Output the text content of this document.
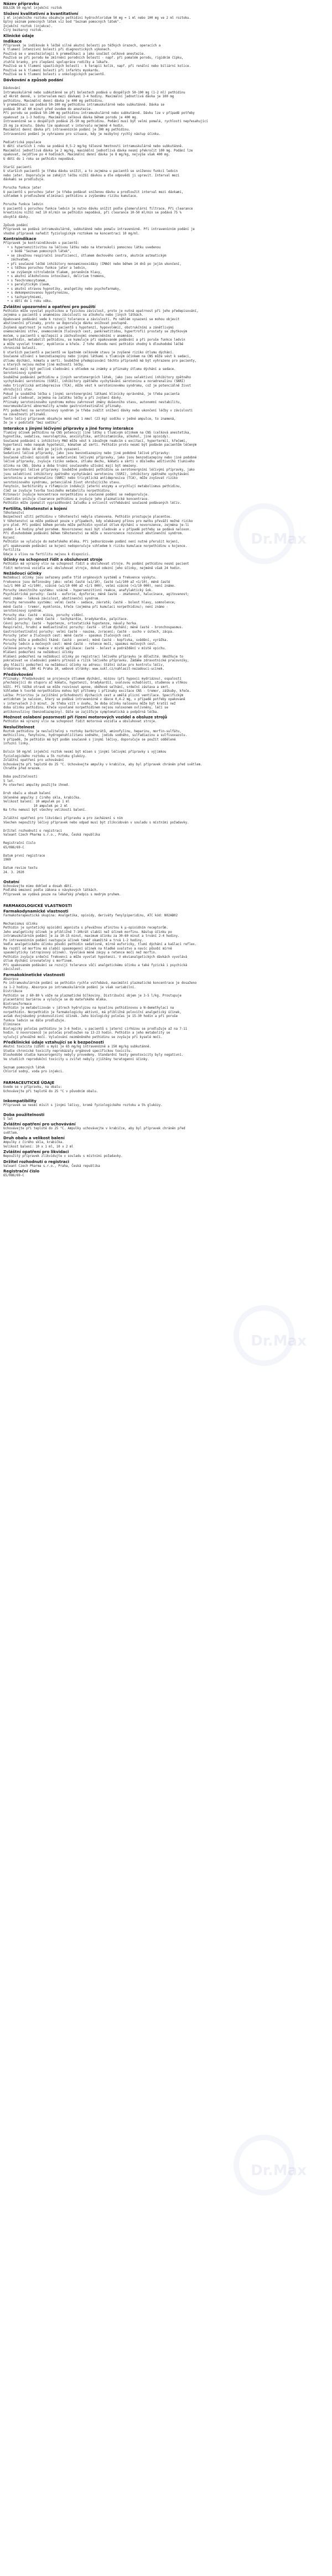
Název přípravku
DOLSIN 50 mg/ml injekční roztok
Složení kvalitativní a kvantitativní
1 ml injekčního roztoku obsahuje pethidini hydrochloridum 50 mg = 1 ml nebo 100 mg ve 2 ml roztoku.
Úplný seznam pomocných látek viz bod "Seznam pomocných látek".
Injekční roztok (injekce).
Čirý bezbarvý roztok.
Klinické údaje
Indikace
Přípravek je indikován k léčbě silné akutní bolesti po těžkých úrazech, operacích a
k tlumení intenzivní bolesti při diagnostických výkonech.
Používá se v anesteziologii k premedikaci a jako součást celkové anestezie.
Používá se při porodu ke zmírnění porodních bolestí - např. při pomalém porodu, rigidním čípku,
ztuhlé branky, pro zlepšení spolupráce rodičky a lékaře.
Používá se k tlumení spastických bolestí - k terapii kolik, např. při renální nebo biliární kolice.
Používá se k tlumení bolesti při infarktu myokardu.
Používá se k tlumení bolesti u onkologických pacientů.
Dávkování a způsob podání
Dávkování
Intramuskulárně nebo subkutánně se při bolestech podává u dospělých 50-100 mg (1-2 ml) pethidinu
až 4krát denně, s intervalem mezi dávkami 3-4 hodiny. Maximální jednotlivá dávka je 100 mg
pethidinu. Maximální denní dávka je 400 mg pethidinu.
V premedikaci se podává 50-100 mg pethidinu intramuskulárně nebo subkutánně. Dávka se
podává 30 až 60 minut před úvodem do anestezie.
Při porodu se podává 50-100 mg pethidinu intramuskulárně nebo subkutánně. Dávku lze v případě potřeby
opakovat za 1-3 hodiny. Maximální celková dávka během porodu je 400 mg.
Intravenózně se u dospělých podává 25-50 mg pethidinu. Podání musí být velmi pomalé, rychlostí nepřesahující
25 mg za minutu. Dávku lze opakovat v intervalu nejméně 4 hodin.
Maximální denní dávka při intravenózním podání je 300 mg pethidinu.
Intravenózní podání je vyhrazeno pro situace, kdy je nezbytný rychlý nástup účinku.
Pediatrická populace
U dětí starších 1 roku se podává 0,5-2 mg/kg tělesné hmotnosti intramuskulárně nebo subkutánně.
Maximální jednotlivá dávka je 2 mg/kg, maximální jednotlivá dávka nesmí překročit 100 mg. Podání lze
opakovat, nejdříve po 4 hodinách. Maximální denní dávka je 8 mg/kg, nejvýše však 400 mg.
U dětí do 1 roku se pethidin nepodává.
Starší pacienti
U starších pacientů je třeba dávku snížit, a to zejména u pacientů se sníženou funkcí ledvin
nebo jater. Doporučuje se zahájit léčbu nižší dávkou a dle odpovědi ji upravit. Interval mezi
dávkami se prodlužuje.
Porucha funkce jater
U pacientů s poruchou jater je třeba podávat sníženou dávku a prodloužit interval mezi dávkami,
vzhledem k prodloužené eliminaci pethidinu a zvýšenému riziku kumulace.
Porucha funkce ledvin
U pacientů s poruchou funkce ledvin je nutno dávku snížit podle glomerulární filtrace. Při clearance
kreatininu nižší než 10 ml/min se pethidin nepodává, při clearance 10-50 ml/min se podává 75 %
obvyklé dávky.
Způsob podání
Přípravek se podává intramuskulárně, subkutánně nebo pomalu intravenózně. Při intravenózním podání je
vhodné přípravek naředit fyziologickým roztokem na koncentraci 10 mg/ml.
Kontraindikace
Přípravek je kontraindikován u pacientů:
• s hypersenzitivitou na léčivou látku nebo na kteroukoli pomocnou látku uvedenou
v bodě "Seznam pomocných látek",
• se závažnou respirační insuficiencí, útlumem dechového centra, akutním astmatickým
záchvatem,
• při současné léčbě inhibitory monoaminooxidázy (IMAO) nebo během 14 dnů po jejím ukončení,
• s těžkou poruchou funkce jater a ledvin,
• se zvýšeným nitrolebním tlakem, poraněním hlavy,
• s akutní alkoholovou intoxikací, delirium tremens,
• s feochromocytomem,
• s paralytickým ileem,
• s akutní otravou hypnotiky, analgetiky nebo psychofarmaky,
• s dekompenzovanou hypotyreózou,
• s tachyarytmiemi,
• u dětí do 1 roku věku.
Zvláštní upozornění a opatření pro použití
Pethidin může vyvolat psychickou a fyzickou závislost, proto je nutná opatrnost při jeho předepisování,
zejména u pacientů s anamnézou závislosti na alkoholu nebo jiných látkách.
Opakované podávání vede k rozvoji tolerance a závislosti. Po náhlém vysazení se mohou objevit
abstinenční příznaky, proto se doporučuje dávku snižovat postupně.
Zvýšená opatrnost je nutná u pacientů s hypotenzí, hypovolémií, obstrukčními a zánětlivými
onemocněními střev, onemocněním žlučových cest, pankreatitidou, hypertrofií prostaty se zbytkovým
močem, u pacientů s epilepsií a záchvatovými onemocněními v anamnéze.
Norpethidin, metabolit pethidinu, se kumuluje při opakovaném podávání a při poruše funkce ledvin
a může vyvolat tremor, myoklonie a křeče. Z toho důvodu není pethidin vhodný k dlouhodobé léčbě
chronické bolesti.
U starších pacientů a pacientů ve špatném celkovém stavu je zvýšené riziko útlumu dýchání.
Současné užívání s benzodiazepiny nebo jinými látkami s tlumivým účinkem na CNS může vést k sedaci,
útlumu dýchání, kómatu a smrti. Souběžné předepisování těchto přípravků má být vyhrazeno pro pacienty,
u kterých nejsou možné jiné možnosti léčby.
Pacienti mají být pečlivě sledováni s ohledem na známky a příznaky útlumu dýchání a sedace.
Serotoninový syndrom
Souběžné podávání pethidinu a jiných serotonergních látek, jako jsou selektivní inhibitory zpětného
vychytávání serotoninu (SSRI), inhibitory zpětného vychytávání serotoninu a noradrenalinu (SNRI)
nebo tricyklická antidepresiva (TCA), může vést k serotoninovému syndromu, což je potenciálně život
ohrožující stav.
Pokud je souběžná léčba s jinými serotonergními látkami klinicky oprávněná, je třeba pacienta
pečlivě sledovat, zejména na začátku léčby a při zvýšení dávky.
Příznaky serotoninového syndromu mohou zahrnovat změny duševního stavu, autonomní nestabilitu,
neuromuskulární abnormality a/nebo gastrointestinální příznaky.
Při podezření na serotoninový syndrom je třeba zvážit snížení dávky nebo ukončení léčby v závislosti
na závažnosti příznaků.
Tento léčivý přípravek obsahuje méně než 1 mmol (23 mg) sodíku v jedné ampulce, to znamená,
že je v podstatě "bez sodíku".
Interakce s jinými léčivými přípravky a jiné formy interakce
Tlumivý účinek pethidinu na CNS potencují jiné látky s tlumivým účinkem na CNS (celková anestetika,
hypnotika, sedativa, neuroleptika, anxiolytika, antihistaminika, alkohol, jiné opioidy).
Současné podávání s inhibitory MAO může vést k závažným reakcím s excitací, hypertermií, křečemi,
hypertenzí nebo naopak hypotenzí, kómatem až smrti. Pethidin proto nesmí být podáván pacientům léčeným
IMAO a po dobu 14 dnů po jejich vysazení.
Sedativní léčivé přípravky, jako jsou benzodiazepiny nebo jiné podobné léčivé přípravky:
Současné užívání opioidů se sedativními léčivými přípravky, jako jsou benzodiazepiny nebo jiné podobné
léčivé přípravky, zvyšuje riziko sedace, útlumu dechu, kómatu a smrti v důsledku aditivního tlumivého
účinku na CNS. Dávka a doba trvání současného užívání mají být omezeny.
Serotonergní léčivé přípravky: Souběžné podávání pethidinu se serotonergními léčivými přípravky, jako
jsou selektivní inhibitory zpětného vychytávání serotoninu (SSRI), inhibitory zpětného vychytávání
serotoninu a noradrenalinu (SNRI) nebo tricyklická antidepresiva (TCA), může zvyšovat riziko
serotoninového syndromu, potenciálně život ohrožujícího stavu.
Fenytoin, barbituráty a rifampicin indukují jaterní enzymy a urychlují metabolismus pethidinu,
čímž se zvyšuje tvorba toxického metabolitu norpethidinu.
Ritonavir zvyšuje koncentrace norpethidinu a současné podání se nedoporučuje.
Cimetidin snižuje clearance pethidinu a zvyšuje jeho plazmatické koncentrace.
Pethidin může zpomalit vyprazdňování žaludku a ovlivnit vstřebávání současně podávaných léčiv.
Fertilita, těhotenství a kojení
Těhotenství
Bezpečnost užití pethidinu v těhotenství nebyla stanovena. Pethidin prostupuje placentou.
V těhotenství se může podávat pouze v případech, kdy očekávaný přínos pro matku převáží možné riziko
pro plod. Při podání během porodu může pethidin vyvolat útlum dýchání u novorozence, zejména je-li
podán 1-4 hodiny před porodem. Novorozenec musí být sledován a v případě potřeby se podává naloxon.
Při dlouhodobém podávání během těhotenství se může u novorozence rozvinout abstinenční syndrom.
Kojení
Pethidin se vylučuje do mateřského mléka. Při jednorázovém podání není nutné přerušit kojení,
při opakovaném podávání se kojení nedoporučuje vzhledem k riziku kumulace norpethidinu u kojence.
Fertilita
Údaje o vlivu na fertilitu nejsou k dispozici.
Účinky na schopnost řídit a obsluhovat stroje
Pethidin má výrazný vliv na schopnost řídit a obsluhovat stroje. Po podání pethidinu nesmí pacient
řídit motorová vozidla ani obsluhovat stroje, dokud odezní jeho účinky, nejméně však 24 hodin.
Nežádoucí účinky
Nežádoucí účinky jsou seřazeny podle tříd orgánových systémů a frekvence výskytu.
Frekvence jsou definovány jako: velmi časté (≥1/10), časté (≥1/100 až <1/10), méně časté
(≥1/1 000 až <1/100), vzácné (≥1/10 000 až <1/1 000), velmi vzácné (<1/10 000), není známo.
Poruchy imunitního systému: vzácně - hypersenzitivní reakce, anafylaktický šok.
Psychiatrické poruchy: časté - euforie, dysforie; méně časté - zmatenost, halucinace, agitovanost;
není známo - léková závislost, abstinenční syndrom.
Poruchy nervového systému: velmi časté - sedace, závratě; časté - bolest hlavy, somnolence;
méně časté - tremor, myoklonie, křeče (zejména při kumulaci norpethidinu); není známo -
serotoninový syndrom.
Poruchy oka: časté - mióza, poruchy vidění.
Srdeční poruchy: méně časté - tachykardie, bradykardie, palpitace.
Cévní poruchy: časté - hypotenze, ortostatická hypotenze, návaly horka.
Respirační, hrudní a mediastinální poruchy: časté - útlum dýchání; méně časté - bronchospasmus.
Gastrointestinální poruchy: velmi časté - nauzea, zvracení; časté - sucho v ústech, zácpa.
Poruchy jater a žlučových cest: méně časté - spasmus žlučových cest.
Poruchy kůže a podkožní tkáně: časté - pocení; méně časté - kopřivka, svědění, vyrážka.
Poruchy ledvin a močových cest: méně časté - retence moči, spasmus močových cest.
Celkové poruchy a reakce v místě aplikace: časté - bolest a podráždění v místě vpichu.
Hlášení podezření na nežádoucí účinky
Hlášení podezření na nežádoucí účinky po registraci léčivého přípravku je důležité. Umožňuje to
pokračovat ve sledování poměru přínosů a rizik léčivého přípravku. Žádáme zdravotnické pracovníky,
aby hlásili podezření na nežádoucí účinky na adresu: Státní ústav pro kontrolu léčiv,
Šrobárova 48, 100 41 Praha 10, webové stránky: www.sukl.cz/nahlasit-nezadouci-ucinek.
Předávkování
Příznaky: Předávkování se projevuje útlumem dýchání, miózou (při hypoxii mydriázou), ospalostí
přecházející do stuporu až kómatu, hypotenzí, bradykardií, svalovou ochablostí, studenou a vlhkou
kůží. Při těžké otravě se může rozvinout apnoe, oběhové selhání, srdeční zástava a smrt.
Vzhledem k tvorbě norpethidinu mohou být přítomny i příznaky excitace CNS - tremor, záškuby, křeče.
Léčba: Prioritou je zajištění průchodnosti dýchacích cest a umělá plicní ventilace. Specifickým
antidotem je naloxon, který se podává intravenózně v dávce 0,4-2 mg, v případě potřeby opakovaně
v intervalech 2-3 minut. Je třeba vzít v úvahu, že doba účinku naloxonu může být kratší než
doba účinku pethidinu. Křeče vyvolané norpethidinem nejsou naloxonem ovlivněny, léčí se
antikonvulzivy (benzodiazepiny). Dále se zajišťuje symptomatická a podpůrná léčba.
Možnost oslabení pozornosti při řízení motorových vozidel a obsluze strojů
Pethidin má výrazný vliv na schopnost řídit motorová vozidla a obsluhovat stroje.
Neslučitelnost
Roztok pethidinu je neslučitelný s roztoky barbiturátů, aminofylinu, heparinu, morfin-sulfátu,
methicilinu, fenytoinu, hydrogenuhličitanu sodného, jodidu sodného, sulfadiazinu a sulfisoxazolu.
V případě, že pethidin má být podán současně s jinými léčivy, doporučuje se použít oddělené
infuzní linky.
Dolsin 50 mg/ml injekční roztok nesmí být mísen s jinými léčivými přípravky s výjimkou
fyziologického roztoku a 5% roztoku glukózy.
Zvláštní opatření pro uchovávání
Uchovávejte při teplotě do 25 °C. Uchovávejte ampulky v krabičce, aby byl přípravek chráněn před světlem.
Chraňte před mrazem.
Doba použitelnosti
5 let.
Po otevření ampulky použijte ihned.
Druh obalu a obsah balení
Skleněné ampulky z čirého skla, krabička.
Velikost balení: 10 ampulek po 1 ml
10 ampulek po 2 ml
Na trhu nemusí být všechny velikosti balení.
Zvláštní opatření pro likvidaci přípravku a pro zacházení s ním
Všechen nepoužitý léčivý přípravek nebo odpad musí být zlikvidován v souladu s místními požadavky.
Držitel rozhodnutí o registraci
Valeant Czech Pharma s.r.o., Praha, Česká republika
Registrační číslo
65/086/69-C
Datum první registrace
1969
Datum revize textu
24. 3. 2020
Ostatní
Uchovávejte mimo dohled a dosah dětí.
Podléhá omezení podle zákona o návykových látkách.
Přípravek se vydává pouze na lékařský předpis s modrým pruhem.
FARMAKOLOGICKÉ VLASTNOSTI
Farmakodynamické vlastnosti
Farmakoterapeutická skupina: Analgetika, opioidy, deriváty fenylpiperidinu, ATC kód: N02AB02
Mechanismus účinku
Pethidin je syntetický opioidní agonista s převážnou afinitou k μ-opioidním receptorům.
Jeho analgetický účinek je přibližně 7-10krát slabší než účinek morfinu. Nástup účinku po
intramuskulárním podání je za 10-15 minut, maximum účinku za 30-60 minut a trvání 2-4 hodiny.
Po intravenózním podání nastupuje účinek téměř okamžitě a trvá 1-2 hodiny.
Vedle analgetického účinku působí pethidin sedativně, mírně euforicky, tlumí dýchání a kašlací reflex.
Na rozdíl od morfinu má slabší spasmogenní účinek na hladké svalstvo a navíc působí mírně
spasmolyticky (atropinový účinek). Vyvolává méně zácpy a retence moči než morfin.
Pethidin zvyšuje srdeční frekvenci a může vyvolat hypotenzi. V ekvianalgetických dávkách vyvolává
útlum dýchání srovnatelný s morfinem.
Při opakovaném podávání se rozvíjí tolerance vůči analgetickému účinku a také fyzická i psychická
závislost.
Farmakokinetické vlastnosti
Absorpce
Po intramuskulárním podání se pethidin rychle vstřebává, maximální plazmatické koncentrace je dosaženo
za 1-2 hodiny. Absorpce po intramuskulárním podání je však variabilní.
Distribuce
Pethidin se z 60-80 % váže na plazmatické bílkoviny. Distribuční objem je 3-5 l/kg. Prostupuje
placentární bariérou a vylučuje se do mateřského mléka.
Biotransformace
Pethidin je metabolizován v játrech hydrolýzou na kyselinu pethidinovou a N-demethylací na
norpethidin. Norpethidin je farmakologicky aktivní, má přibližně poloviční analgetický účinek,
avšak dvojnásobný prokonvulzivní účinek. Jeho biologický poločas je 15-30 hodin a při poruše
funkce ledvin se dále prodlužuje.
Eliminace
Biologický poločas pethidinu je 3-6 hodin, u pacientů s jaterní cirhózou se prodlužuje až na 7-11
hodin. U novorozenců je poločas prodloužen na 13-23 hodin. Pethidin a jeho metabolity se
vylučují převážně močí. Vylučování nezměněného pethidinu se zvyšuje při kyselé moči.
Předklinické údaje vztahující se k bezpečnosti
Akutní toxicita (LD50) u myší je 65 mg/kg intravenózně a 150 mg/kg subkutánně.
Studie chronické toxicity neprokázaly orgánově specifickou toxicitu.
Dlouhodobé studie kancerogenity nebyly provedeny. Standardní testy genotoxicity byly negativní.
Ve studiích reprodukční toxicity u zvířat nebyly zjištěny teratogenní účinky.
Seznam pomocných látek
Chlorid sodný, voda pro injekci.
FARMACEUTICKÉ ÚDAJE
Uvede se v přípravku, na obalu:
Uchovávejte při teplotě do 25 °C v původním obalu.
Inkompatibility
Přípravek se nesmí mísit s jinými léčivy, kromě fyziologického roztoku a 5% glukózy.
Doba použitelnosti
5 let
Zvláštní opatření pro uchovávání
Uchovávejte při teplotě do 25 °C. Ampulky uchovávejte v krabičce, aby byl přípravek chráněn před
světlem.
Druh obalu a velikost balení
Ampulky z čirého skla, krabička.
Velikost balení: 10 x 1 ml, 10 x 2 ml
Zvláštní opatření pro likvidaci
Nepoužitý přípravek zlikvidujte v souladu s místními požadavky.
Držitel rozhodnutí o registraci
Valeant Czech Pharma s.r.o., Praha, Česká republika
Registrační číslo
65/086/69-C
Dr.Max
Dr.Max
Dr.Max
